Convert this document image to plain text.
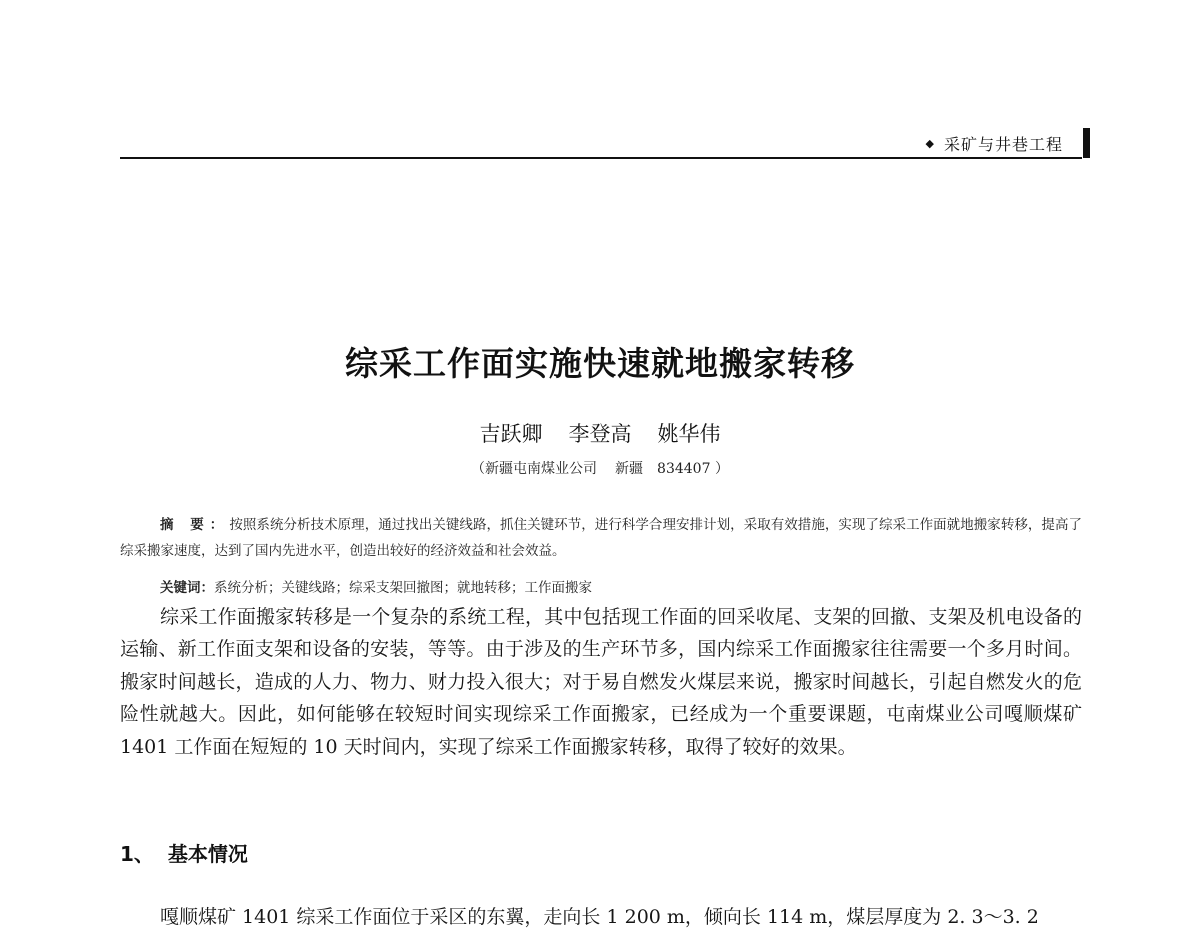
◆ 采矿与井巷工程
综采工作面实施快速就地搬家转移
吉跃卿 李登高 姚华伟
（新疆屯南煤业公司 新疆 834407 ）
摘 要：按照系统分析技术原理，通过找出关键线路，抓住关键环节，进行科学合理安排计划，采取有效措施，实现了综采工作面就地搬家转移，提高了综采搬家速度，达到了国内先进水平，创造出较好的经济效益和社会效益。
关键词：系统分析；关键线路；综采支架回撤图；就地转移；工作面搬家

综采工作面搬家转移是一个复杂的系统工程，其中包括现工作面的回采收尾、支架的回撤、支架及机电设备的运输、新工作面支架和设备的安装，等等。由于涉及的生产环节多，国内综采工作面搬家往往需要一个多月时间。搬家时间越长，造成的人力、物力、财力投入很大；对于易自燃发火煤层来说，搬家时间越长，引起自燃发火的危险性就越大。因此，如何能够在较短时间实现综采工作面搬家，已经成为一个重要课题，屯南煤业公司嘎顺煤矿 1401 工作面在短短的 10 天时间内，实现了综采工作面搬家转移，取得了较好的效果。

1、 基本情况

嘎顺煤矿 1401 综采工作面位于采区的东翼，走向长 1 200 m，倾向长 114 m，煤层厚度为 2. 3～3. 2
